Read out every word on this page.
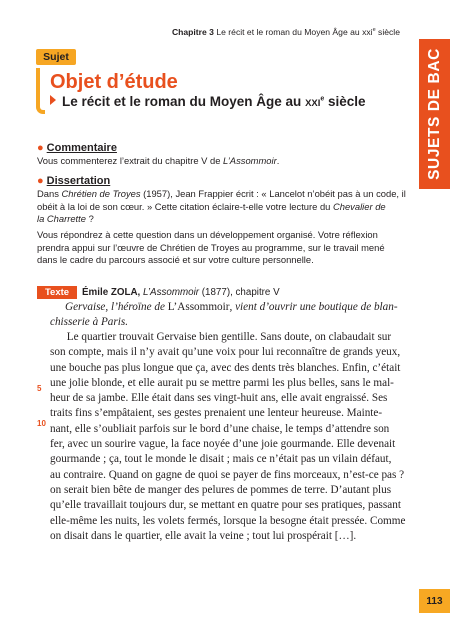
Chapitre 3 Le récit et le roman du Moyen Âge au xxi$^e$ siècle
SUJETS DE BAC
113
Sujet
Objet d’étude
Le récit et le roman du Moyen Âge au XXIe siècle
● Commentaire
Vous commenterez l’extrait du chapitre V de L’Assommoir.
● Dissertation
Dans Chrétien de Troyes (1957), Jean Frappier écrit : « Lancelot n’obéit pas à un code, il
obéit à la loi de son cœur. » Cette citation éclaire-t-elle votre lecture du Chevalier de
la Charrette ?
Vous répondrez à cette question dans un développement organisé. Votre réflexion
prendra appui sur l’œuvre de Chrétien de Troyes au programme, sur le travail mené
dans le cadre du parcours associé et sur votre culture personnelle.
Texte	Émile ZOLA, L’Assommoir (1877), chapitre V
Gervaise, l’héroïne de L’Assommoir, vient d’ouvrir une boutique de blan-
chisserie à Paris.
Le quartier trouvait Gervaise bien gentille. Sans doute, on clabaudait sur
son compte, mais il n’y avait qu’une voix pour lui reconnaître de grands yeux,
une bouche pas plus longue que ça, avec des dents très blanches. Enfin, c’était
une jolie blonde, et elle aurait pu se mettre parmi les plus belles, sans le mal-
heur de sa jambe. Elle était dans ses vingt-huit ans, elle avait engraissé. Ses
traits fins s’empâtaient, ses gestes prenaient une lenteur heureuse. Mainte-
nant, elle s’oubliait parfois sur le bord d’une chaise, le temps d’attendre son
fer, avec un sourire vague, la face noyée d’une joie gourmande. Elle devenait
gourmande ; ça, tout le monde le disait ; mais ce n’était pas un vilain défaut,
au contraire. Quand on gagne de quoi se payer de fins morceaux, n’est-ce pas ?
on serait bien bête de manger des pelures de pommes de terre. D’autant plus
qu’elle travaillait toujours dur, se mettant en quatre pour ses pratiques, passant
elle-même les nuits, les volets fermés, lorsque la besogne était pressée. Comme
on disait dans le quartier, elle avait la veine ; tout lui prospérait […].
5
10
